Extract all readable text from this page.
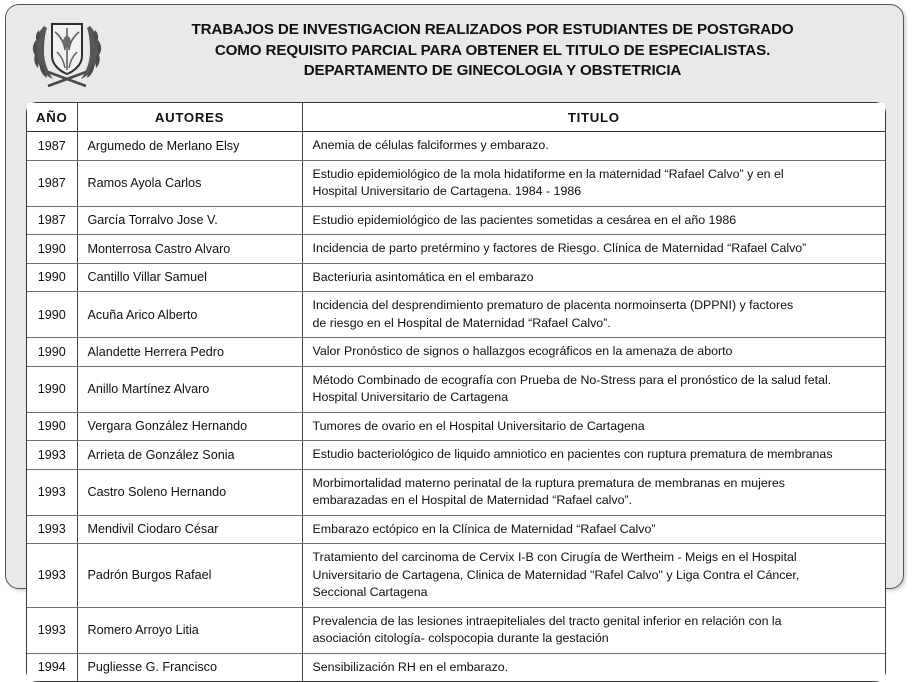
TRABAJOS DE INVESTIGACION REALIZADOS POR ESTUDIANTES DE POSTGRADO
COMO REQUISITO PARCIAL PARA OBTENER EL TITULO DE ESPECIALISTAS.
DEPARTAMENTO DE GINECOLOGIA Y OBSTETRICIA
AÑO	AUTORES	TITULO
1987	Argumedo de Merlano Elsy	Anemia de células falciformes y embarazo.

1987	Ramos Ayola Carlos	Estudio epidemiológico de la mola hidatiforme en la maternidad “Rafael Calvo” y en el
Hospital Universitario de Cartagena. 1984 - 1986

1987	García Torralvo Jose V.	Estudio epidemiológico de las pacientes sometidas a cesárea en el año 1986

1990	Monterrosa Castro Alvaro	Incidencia de parto pretérmino y factores de Riesgo. Clínica de Maternidad “Rafael Calvo”

1990	Cantillo Villar Samuel	Bacteriuria asintomática en el embarazo

1990	Acuña Arico Alberto	Incidencia del desprendimiento prematuro de placenta normoinserta (DPPNI) y factores
de riesgo en el Hospital de Maternidad “Rafael Calvo”.

1990	Alandette Herrera Pedro	Valor Pronóstico de signos o hallazgos ecográficos en la amenaza de aborto

1990	Anillo Martínez Alvaro	Método Combinado de ecografía con Prueba de No-Stress para el pronóstico de la salud fetal.
Hospital Universitario de Cartagena

1990	Vergara González Hernando	Tumores de ovario en el Hospital Universitario de Cartagena

1993	Arrieta de González Sonia	Estudio bacteriológico de liquido amniotico en pacientes con ruptura prematura de membranas

1993	Castro Soleno Hernando	Morbimortalidad materno perinatal de la ruptura prematura de membranas en mujeres
embarazadas en el Hospital de Maternidad “Rafael calvo”.

1993	Mendivil Ciodaro César	Embarazo ectópico en la Clínica de Maternidad “Rafael Calvo”

1993	Padrón Burgos Rafael	Tratamiento del carcinoma de Cervix I-B con Cirugía de Wertheim - Meigs en el Hospital
Universitario de Cartagena, Clinica de Maternidad "Rafel Calvo" y Liga Contra el Cáncer,
Seccional Cartagena

1993	Romero Arroyo Litia	Prevalencia de las lesiones intraepiteliales del tracto genital inferior en relación con la
asociación citología- colspocopia durante la gestación

1994	Pugliesse G. Francisco	Sensibilización RH en el embarazo.
